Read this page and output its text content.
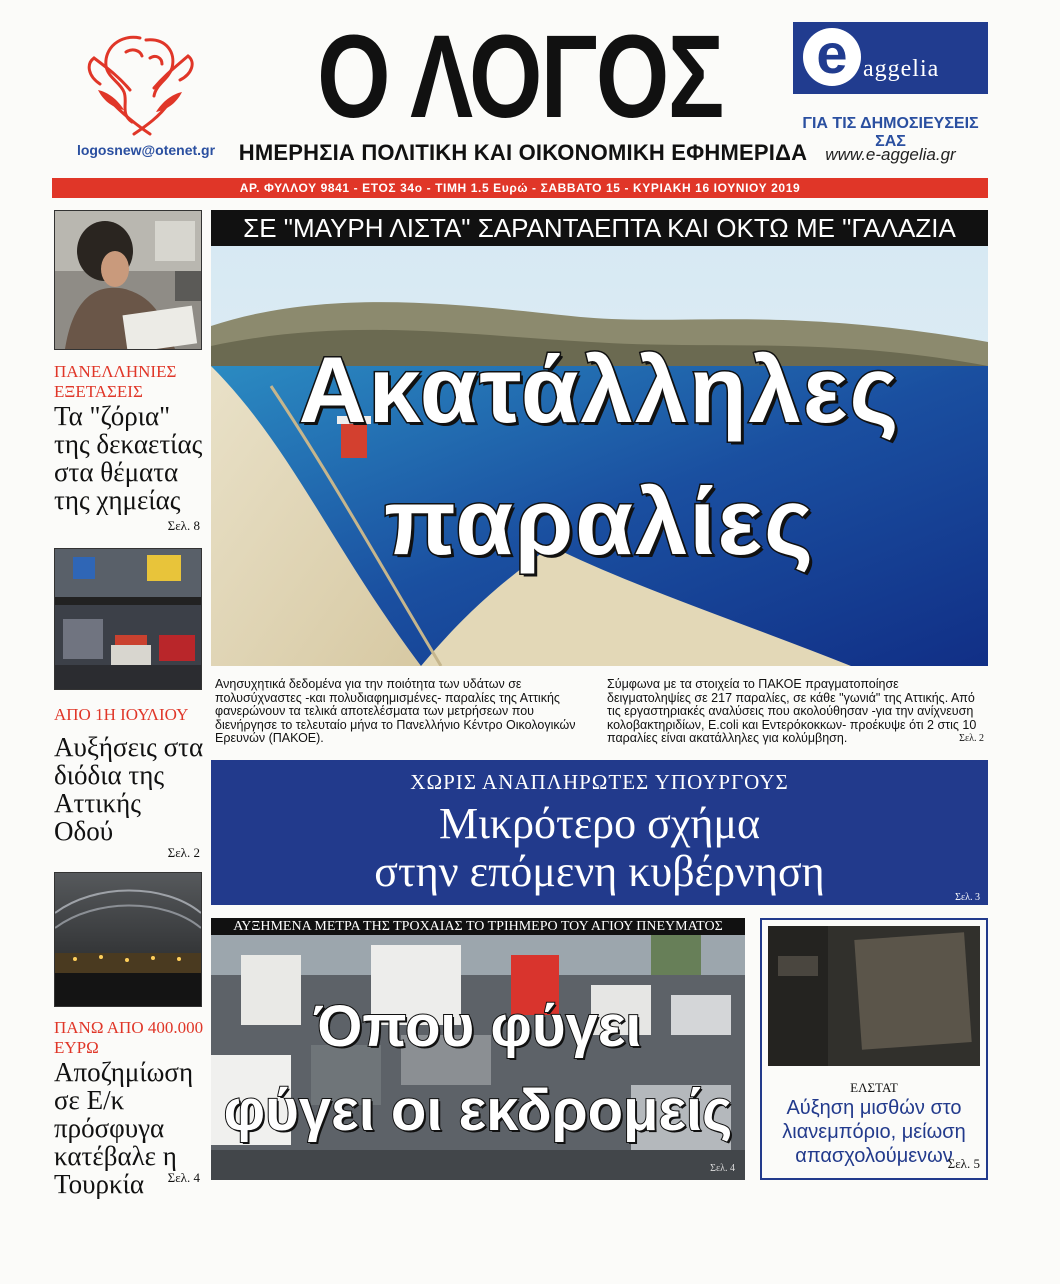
logosnew@otenet.gr
Ο ΛΟΓΟΣ
ΗΜΕΡΗΣΙΑ ΠΟΛΙΤΙΚΗ ΚΑΙ ΟΙΚΟΝΟΜΙΚΗ ΕΦΗΜΕΡΙΔΑ
e aggelia
ΓΙΑ ΤΙΣ ΔΗΜΟΣΙΕΥΣΕΙΣ ΣΑΣ
www.e-aggelia.gr
ΑΡ. ΦΥΛΛΟΥ 9841 - ΕΤΟΣ 34ο - ΤΙΜΗ 1.5 Ευρώ - ΣΑΒΒΑΤΟ 15 - ΚΥΡΙΑΚΗ 16 ΙΟΥΝΙΟΥ 2019
ΠΑΝΕΛΛΗΝΙΕΣ ΕΞΕΤΑΣΕΙΣ
Τα "ζόρια" της δεκαετίας στα θέματα της χημείας
Σελ. 8
ΑΠΟ 1Η ΙΟΥΛΙΟΥ
Αυξήσεις στα διόδια της Αττικής Οδού
Σελ. 2
ΠΑΝΩ ΑΠΟ 400.000 ΕΥΡΩ
Αποζημίωση σε Ε/κ πρόσφυγα κατέβαλε η Τουρκία	Σελ. 4
ΣΕ "ΜΑΥΡΗ ΛΙΣΤΑ" ΣΑΡΑΝΤΑΕΠΤΑ ΚΑΙ ΟΚΤΩ ΜΕ "ΓΑΛΑΖΙΑ
Ακατάλληλες
παραλίες
Ανησυχητικά δεδομένα για την ποιότητα των υδάτων σε πολυσύχναστες -και πολυδιαφημισμένες- παραλίες της Αττικής φανερώνουν τα τελικά αποτελέσματα των μετρήσεων που διενήργησε το τελευταίο μήνα το Πανελλήνιο Κέντρο Οικολογικών Ερευνών (ΠΑΚΟΕ).
Σύμφωνα με τα στοιχεία το ΠΑΚΟΕ πραγματοποίησε δειγματοληψίες σε 217 παραλίες, σε κάθε "γωνιά" της Αττικής. Από τις εργαστηριακές αναλύσεις που ακολούθησαν -για την ανίχνευση κολοβακτηριδίων, E.coli και Εντερόκοκκων- προέκυψε ότι 2 στις 10 παραλίες είναι ακατάλληλες για κολύμβηση.	Σελ. 2
ΧΩΡΙΣ ΑΝΑΠΛΗΡΩΤΕΣ ΥΠΟΥΡΓΟΥΣ
Μικρότερο σχήμα
στην επόμενη κυβέρνηση
Σελ. 3
ΑΥΞΗΜΕΝΑ ΜΕΤΡΑ ΤΗΣ ΤΡΟΧΑΙΑΣ ΤΟ ΤΡΙΗΜΕΡΟ ΤΟΥ ΑΓΙΟΥ ΠΝΕΥΜΑΤΟΣ
Όπου φύγει
φύγει οι εκδρομείς
Σελ. 4
ΕΛΣΤΑΤ
Αύξηση μισθών στο λιανεμπόριο, μείωση απασχολούμενων
Σελ. 5
